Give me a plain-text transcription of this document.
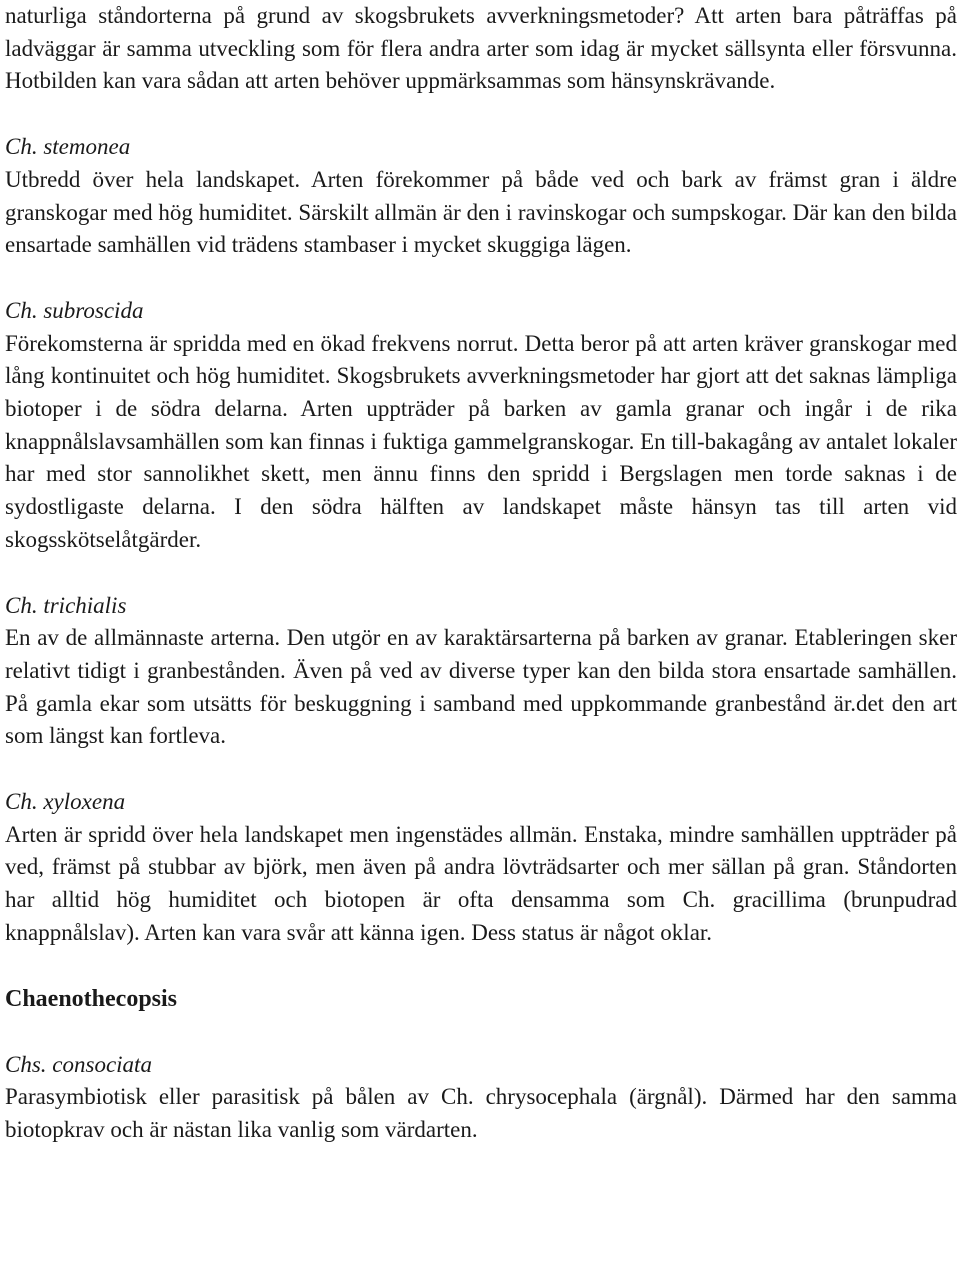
naturliga ståndorterna på grund av skogsbrukets avverkningsmetoder? Att arten bara påträffas på ladväggar är samma utveckling som för flera andra arter som idag är mycket sällsynta eller försvunna. Hotbilden kan vara sådan att arten behöver uppmärksammas som hänsynskrävande.

Ch. stemonea

Utbredd över hela landskapet. Arten förekommer på både ved och bark av främst gran i äldre granskogar med hög humiditet. Särskilt allmän är den i ravinskogar och sumpskogar. Där kan den bilda ensartade samhällen vid trädens stambaser i mycket skuggiga lägen.

Ch. subroscida

Förekomsterna är spridda med en ökad frekvens norrut. Detta beror på att arten kräver granskogar med lång kontinuitet och hög humiditet. Skogsbrukets avverkningsmetoder har gjort att det saknas lämpliga biotoper i de södra delarna. Arten uppträder på barken av gamla granar och ingår i de rika knappnålslavsamhällen som kan finnas i fuktiga gammelgranskogar. En till-bakagång av antalet lokaler har med stor sannolikhet skett, men ännu finns den spridd i Bergslagen men torde saknas i de sydostligaste delarna. I den södra hälften av landskapet måste hänsyn tas till arten vid skogsskötselåtgärder.

Ch. trichialis

En av de allmännaste arterna. Den utgör en av karaktärsarterna på barken av granar. Etableringen sker relativt tidigt i granbestånden. Även på ved av diverse typer kan den bilda stora ensartade samhällen. På gamla ekar som utsätts för beskuggning i samband med uppkommande granbestånd är.det den art som längst kan fortleva.

Ch. xyloxena

Arten är spridd över hela landskapet men ingenstädes allmän. Enstaka, mindre samhällen uppträder på ved, främst på stubbar av björk, men även på andra lövträdsarter och mer sällan på gran. Ståndorten har alltid hög humiditet och biotopen är ofta densamma som Ch. gracillima (brunpudrad knappnålslav). Arten kan vara svår att känna igen. Dess status är något oklar.

Chaenothecopsis
Chs. consociata

Parasymbiotisk eller parasitisk på bålen av Ch. chrysocephala (ärgnål). Därmed har den samma biotopkrav och är nästan lika vanlig som värdarten.
